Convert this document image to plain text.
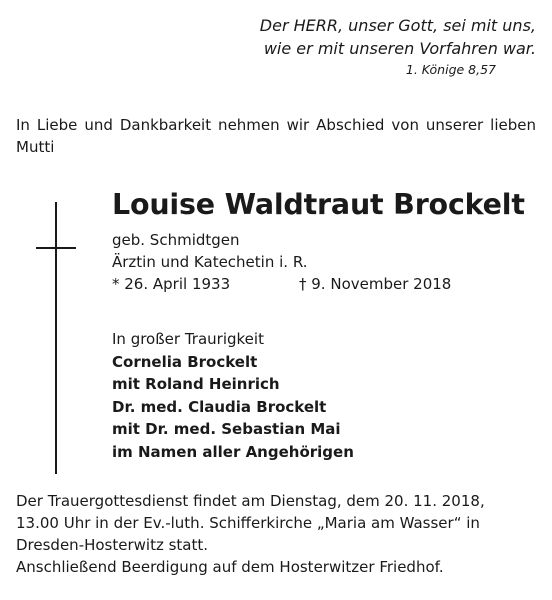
Der HERR, unser Gott, sei mit uns,
wie er mit unseren Vorfahren war.
1. Könige 8,57
In Liebe und Dankbarkeit nehmen wir Abschied von unserer lieben Mutti
Louise Waldtraut Brockelt
geb. Schmidtgen
Ärztin und Katechetin i. R.
* 26. April 1933	† 9. November 2018
In großer Traurigkeit
Cornelia Brockelt
mit Roland Heinrich
Dr. med. Claudia Brockelt
mit Dr. med. Sebastian Mai
im Namen aller Angehörigen
Der Trauergottesdienst findet am Dienstag, dem 20. 11. 2018,
13.00 Uhr in der Ev.-luth. Schifferkirche „Maria am Wasser“ in
Dresden-Hosterwitz statt.
Anschließend Beerdigung auf dem Hosterwitzer Friedhof.
